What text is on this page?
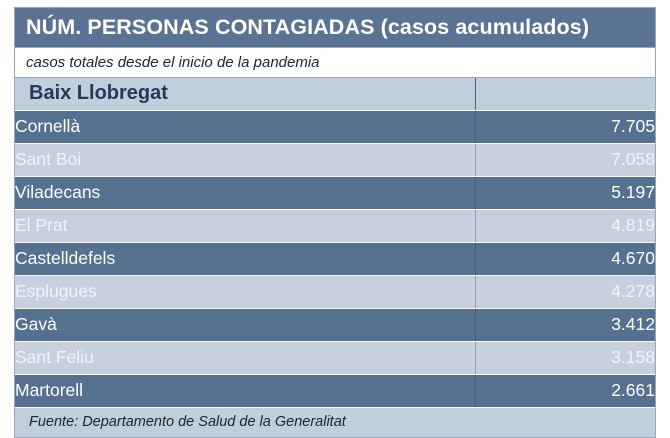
NÚM. PERSONAS CONTAGIADAS (casos acumulados)
casos totales desde el inicio de la pandemia
Baix Llobregat	
Cornellà	7.705
Sant Boi	7.058
Viladecans	5.197
El Prat	4.819
Castelldefels	4.670
Esplugues	4.278
Gavà	3.412
Sant Feliu	3.158
Martorell	2.661
Fuente: Departamento de Salud de la Generalitat
